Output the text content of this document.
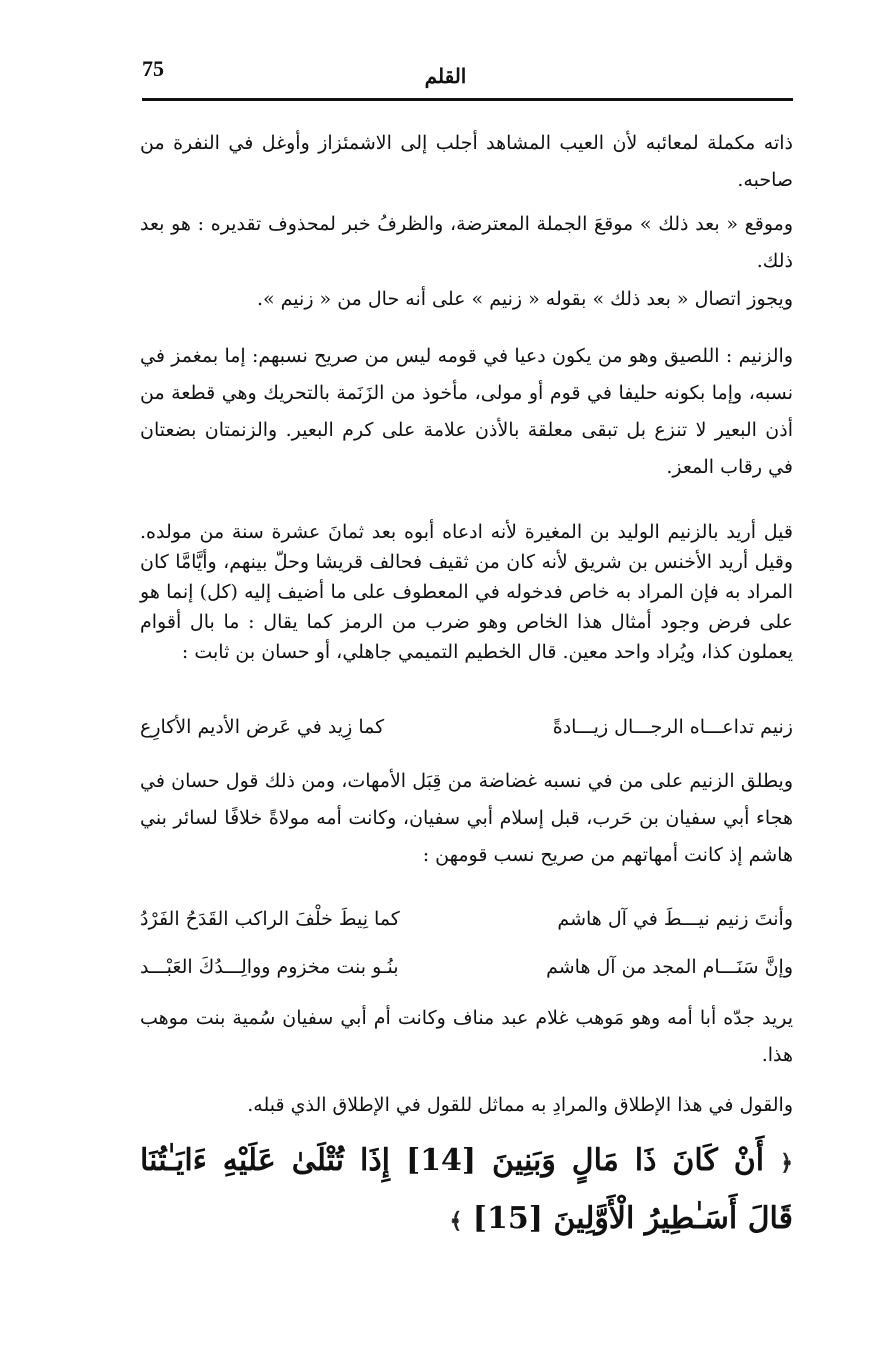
75	القلم

ذاته مكملة لمعائبه لأن العيب المشاهد أجلب إلى الاشمئزاز وأوغل في النفرة من صاحبه.

وموقع « بعد ذلك » موقعَ الجملة المعترضة، والظرفُ خبر لمحذوف تقديره : هو بعد ذلك.

ويجوز اتصال « بعد ذلك » بقوله « زنيم » على أنه حال من « زنيم ».

والزنيم : اللصيق وهو من يكون دعيا في قومه ليس من صريح نسبهم: إما بمغمز في نسبه، وإما بكونه حليفا في قوم أو مولى، مأخوذ من الزَنَمة بالتحريك وهي قطعة من أذن البعير لا تنزع بل تبقى معلقة بالأذن علامة على كرم البعير. والزنمتان بضعتان في رقاب المعز.

قيل أريد بالزنيم الوليد بن المغيرة لأنه ادعاه أبوه بعد ثمانَ عشرة سنة من مولده. وقيل أريد الأخنس بن شريق لأنه كان من ثقيف فحالف قريشا وحلّ بينهم، وأيَّامَّا كان المراد به فإن المراد به خاص فدخوله في المعطوف على ما أضيف إليه (كل) إنما هو على فرض وجود أمثال هذا الخاص وهو ضرب من الرمز كما يقال : ما بال أقوام يعملون كذا، ويُراد واحد معين. قال الخطيم التميمي جاهلي، أو حسان بن ثابت :

زنيم تداعـــاه الرجـــال زيـــادةً
كما زِيد في عَرض الأديم الأكارِع

ويطلق الزنيم على من في نسبه غضاضة من قِبَل الأمهات، ومن ذلك قول حسان في هجاء أبي سفيان بن حَرب، قبل إسلام أبي سفيان، وكانت أمه مولاةً خلافًا لسائر بني هاشم إذ كانت أمهاتهم من صريح نسب قومهن :

وأنتَ زنيم نيـــطَ في آل هاشم
كما نِيطَ خلْفَ الراكب القَدَحُ الفَرْدُ
وإنَّ سَنَـــام المجد من آل هاشم
بنُـو بنت مخزوم ووالِـــدُكَ العَبْـــد

يريد جدّه أبا أمه وهو مَوهب غلام عبد مناف وكانت أم أبي سفيان سُمية بنت موهب هذا.

والقول في هذا الإطلاق والمرادِ به مماثل للقول في الإطلاق الذي قبله.

﴿ أَنْ كَانَ ذَا مَالٍ وَبَنِينَ [14] إِذَا تُتْلَىٰ عَلَيْهِ ءَايَـٰتُنَا قَالَ أَسَـٰطِيرُ الْأَوَّلِينَ [15] ﴾
